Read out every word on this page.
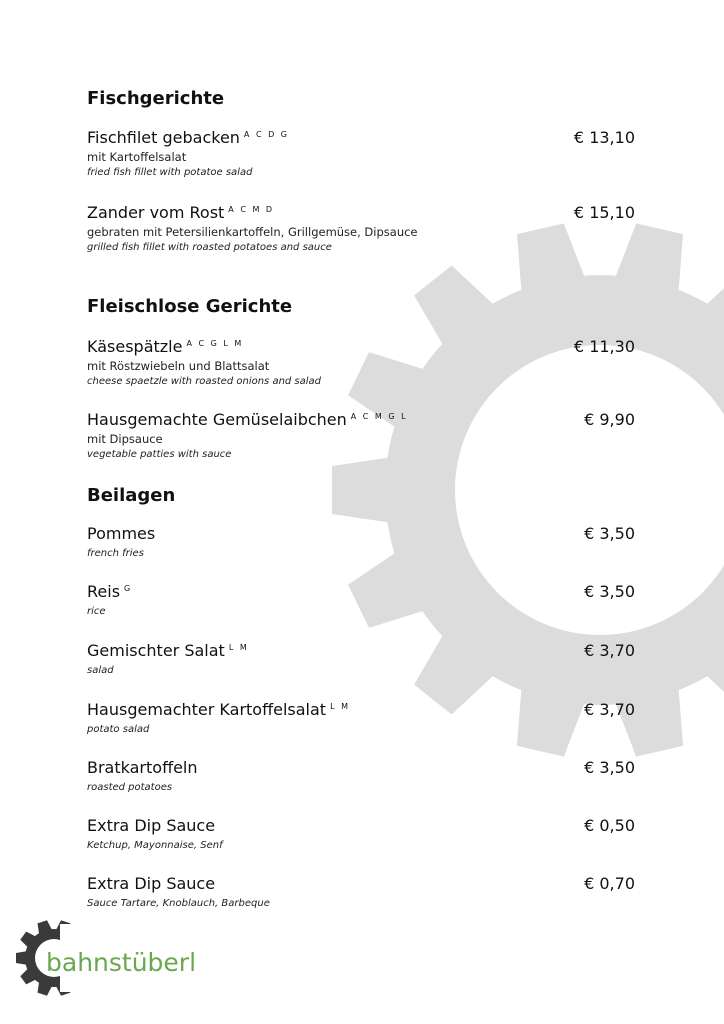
Fischgerichte
Fischfilet gebacken $^{A C D G}$	€ 13,10
mit Kartoffelsalat
fried fish fillet with potatoe salad
Zander vom Rost $^{A C M D}$	€ 15,10
gebraten mit Petersilienkartoffeln, Grillgemüse, Dipsauce
grilled fish fillet with roasted potatoes and sauce
Fleischlose Gerichte
Käsespätzle $^{A C G L M}$	€ 11,30
mit Röstzwiebeln und Blattsalat
cheese spaetzle with roasted onions and salad
Hausgemachte Gemüselaibchen $^{A C M G L}$	€ 9,90
mit Dipsauce
vegetable patties with sauce
Beilagen
Pommes	€ 3,50
french fries
Reis $^G$	€ 3,50
rice
Gemischter Salat $^{L M}$	€ 3,70
salad
Hausgemachter Kartoffelsalat $^{L M}$	€ 3,70
potato salad
Bratkartoffeln	€ 3,50
roasted potatoes
Extra Dip Sauce	€ 0,50
Ketchup, Mayonnaise, Senf
Extra Dip Sauce	€ 0,70
Sauce Tartare, Knoblauch, Barbeque
bahnstüberl
